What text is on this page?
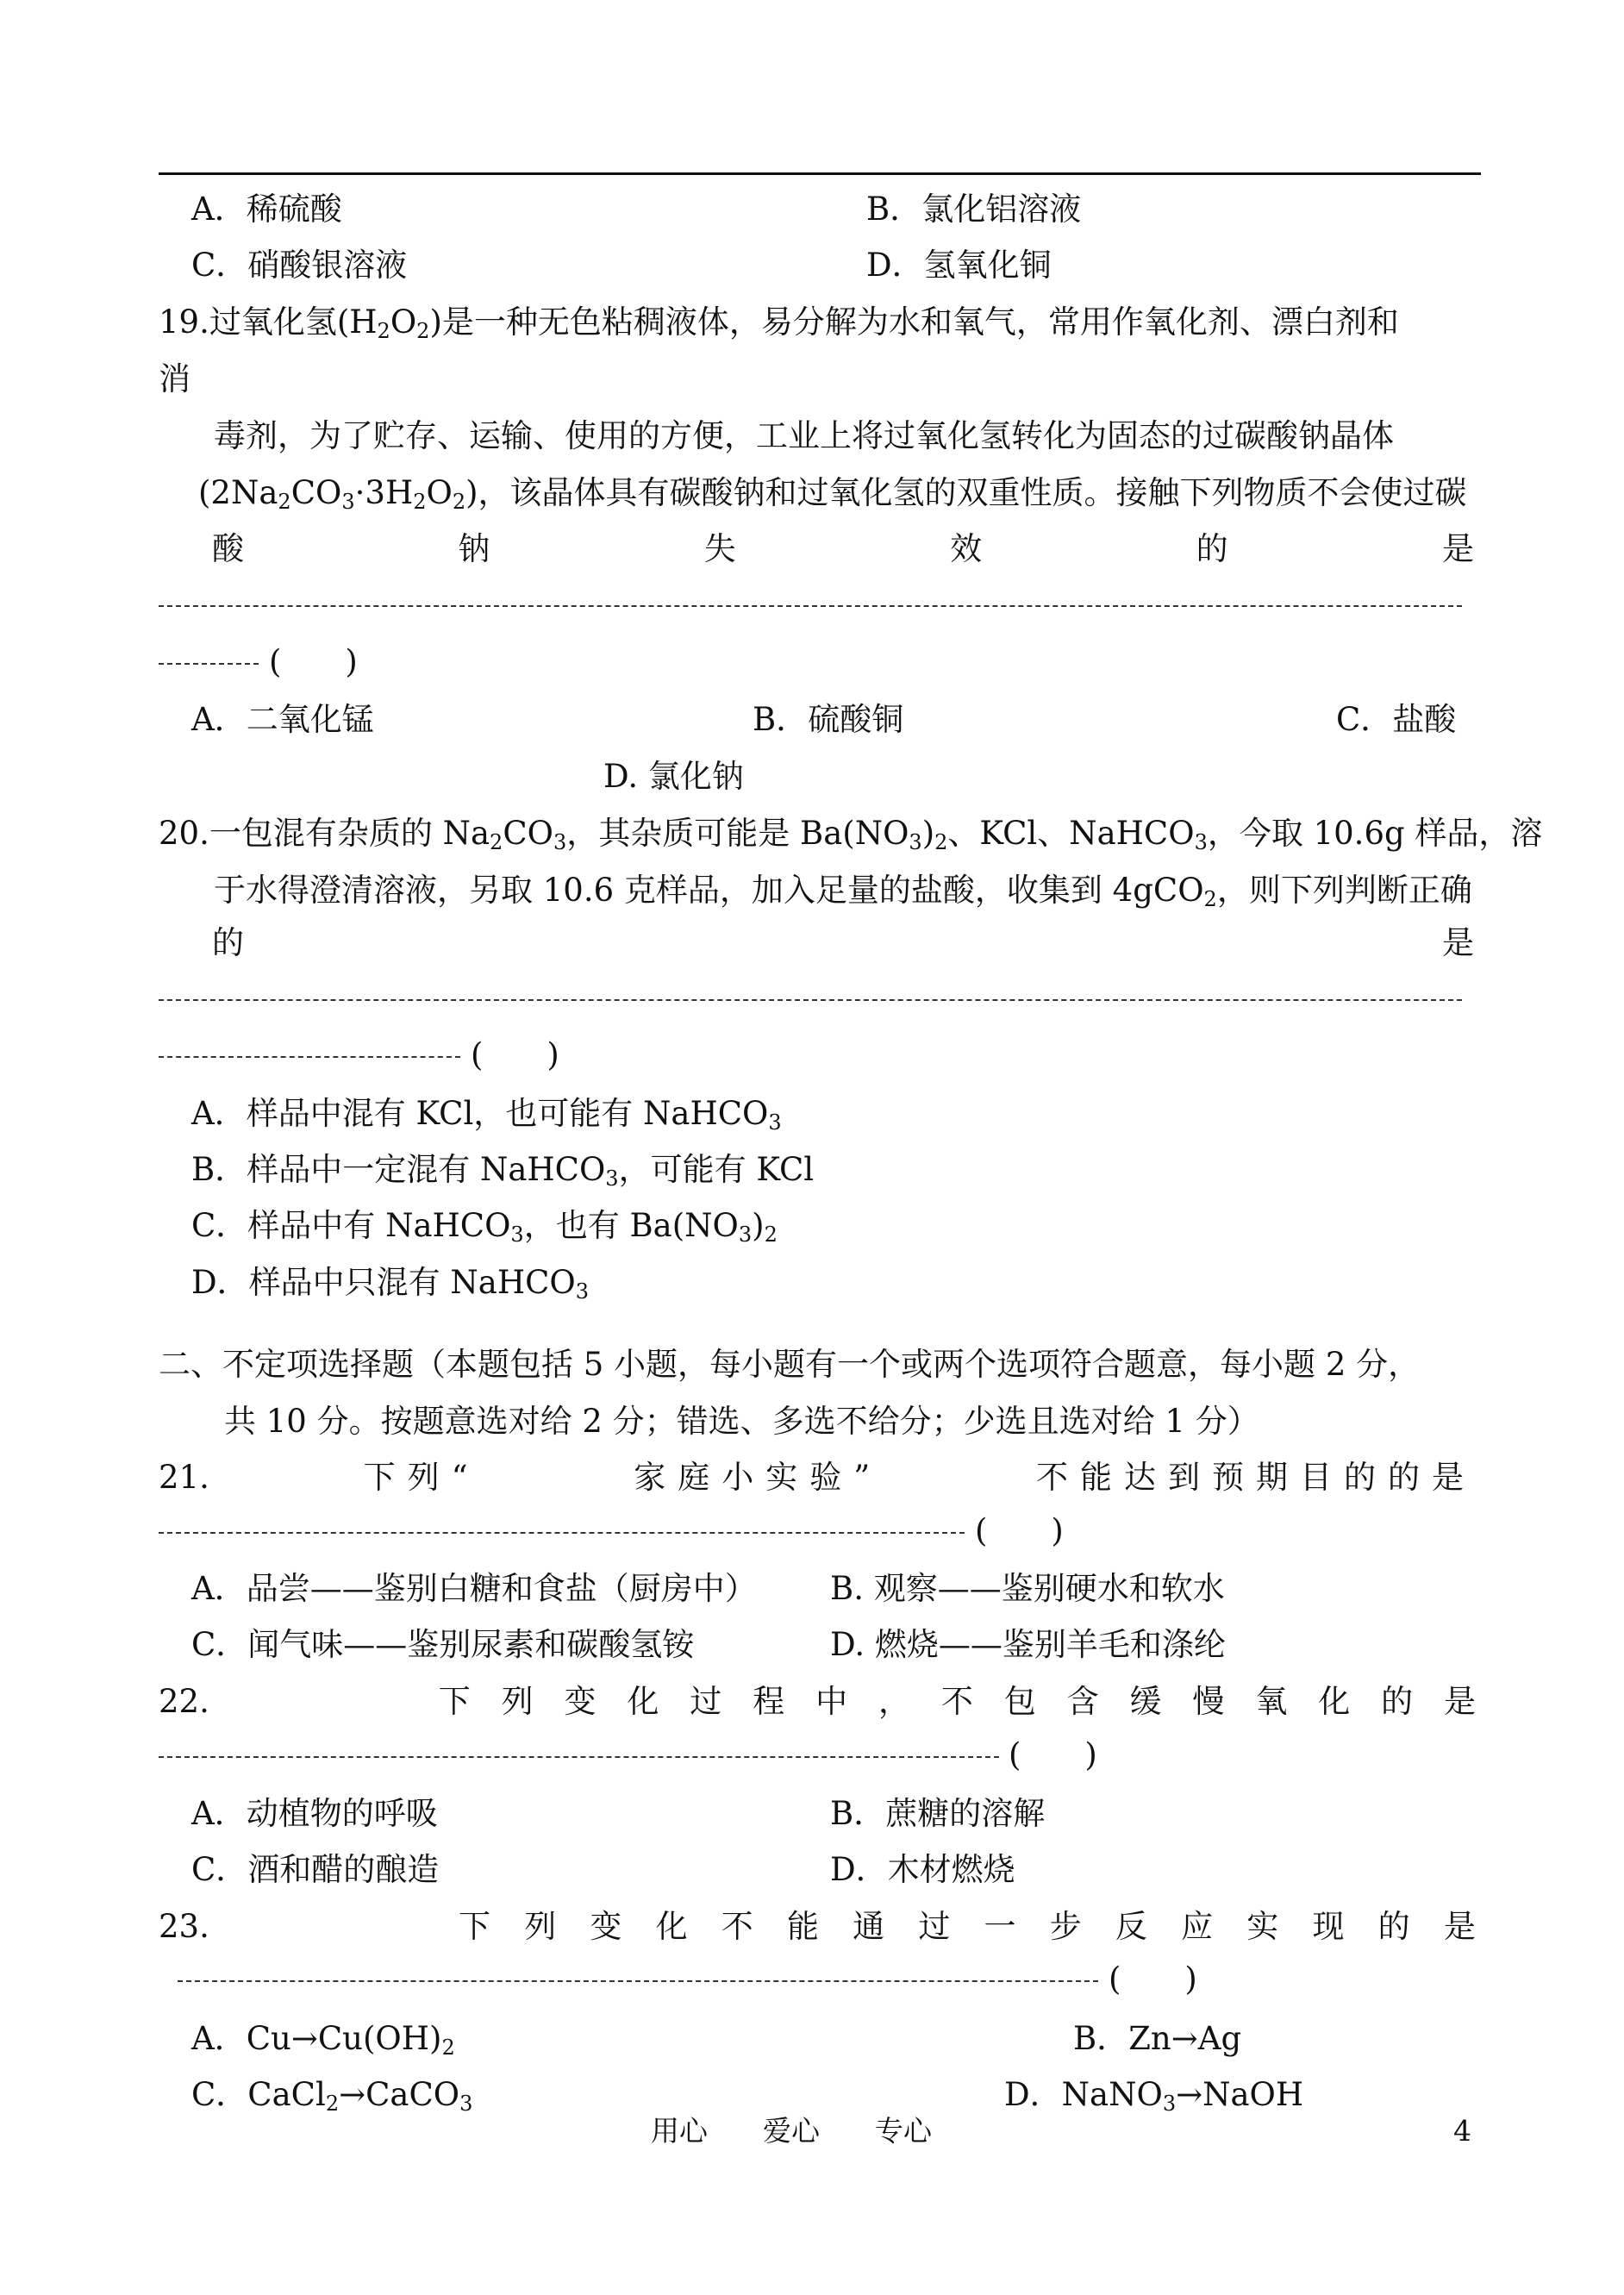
A．稀硫酸	B．氯化铝溶液
C．硝酸银溶液	D．氢氧化铜
19.过氧化氢$(H_2O_2)$是一种无色粘稠液体，易分解为水和氧气，常用作氧化剂、漂白剂和
消
毒剂，为了贮存、运输、使用的方便，工业上将过氧化氢转化为固态的过碳酸钠晶体
$(2Na_2CO_3\cdot 3H_2O_2)$，该晶体具有碳酸钠和过氧化氢的双重性质。接触下列物质不会使过碳
酸	钠	失	效	的	是
(　　)
A．二氧化锰	B．硫酸铜	C．盐酸
D. 氯化钠
20.一包混有杂质的 $Na_2CO_3$，其杂质可能是 $Ba(NO_3)_2$、KCl、NaHCO$_3$，今取 10.6g 样品，溶
于水得澄清溶液，另取 10.6 克样品，加入足量的盐酸，收集到 4gCO$_2$，则下列判断正确
的	是
(　　)
A．样品中混有 KCl，也可能有 NaHCO$_3$
B．样品中一定混有 NaHCO$_3$，可能有 KCl
C．样品中有 NaHCO$_3$，也有 $Ba(NO_3)_2$
D．样品中只混有 NaHCO$_3$
二、不定项选择题（本题包括 5 小题，每小题有一个或两个选项符合题意，每小题 2 分，
共 10 分。按题意选对给 2 分；错选、多选不给分；少选且选对给 1 分）
21.	下列“	家庭小实验”	不能达到预期目的的是
(　　)
A．品尝——鉴别白糖和食盐（厨房中） B. 观察——鉴别硬水和软水
C．闻气味——鉴别尿素和碳酸氢铵	D. 燃烧——鉴别羊毛和涤纶
22.	下 列 变 化 过 程 中 ， 不 包 含 缓 慢 氧 化 的 是
(　　)
A．动植物的呼吸	B．蔗糖的溶解
C．酒和醋的酿造	D．木材燃烧
23.	下 列 变 化 不 能 通 过 一 步 反 应 实 现 的 是
(　　)
A．$Cu\to Cu(OH)_2$	B．Zn→Ag
C．CaCl$_2$→CaCO$_3$	D．NaNO$_3$→NaOH
用心 爱心 专心	4
